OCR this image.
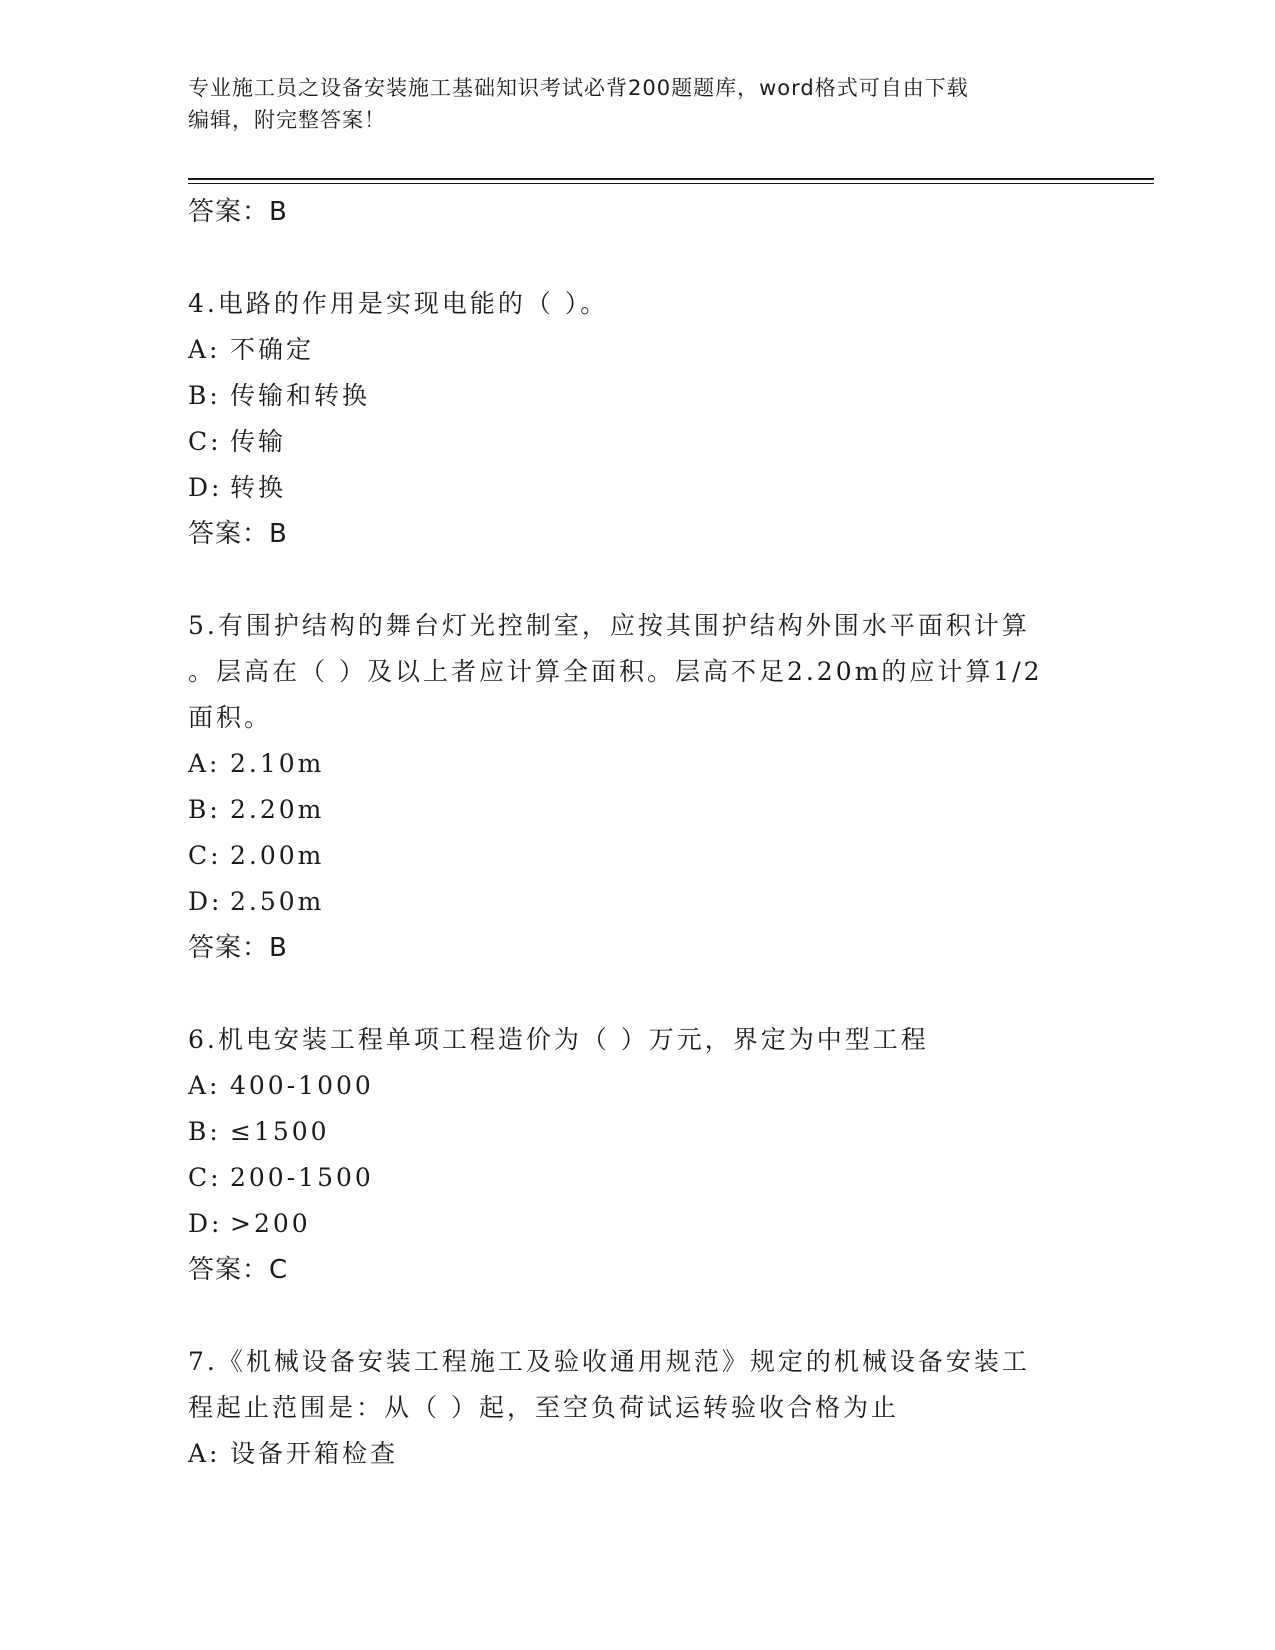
专业施工员之设备安装施工基础知识考试必背200题题库，word格式可自由下载
编辑，附完整答案！
答案：B
4.电路的作用是实现电能的（ ）。
A: 不确定
B: 传输和转换
C: 传输
D: 转换
答案：B
5.有围护结构的舞台灯光控制室，应按其围护结构外围水平面积计算
。层高在（ ）及以上者应计算全面积。层高不足2.20m的应计算1/2
面积。
A: 2.10m
B: 2.20m
C: 2.00m
D: 2.50m
答案：B
6.机电安装工程单项工程造价为（ ）万元，界定为中型工程
A: 400-1000
B: ≤1500
C: 200-1500
D: >200
答案：C
7.《机械设备安装工程施工及验收通用规范》规定的机械设备安装工
程起止范围是：从（ ）起，至空负荷试运转验收合格为止
A: 设备开箱检查
